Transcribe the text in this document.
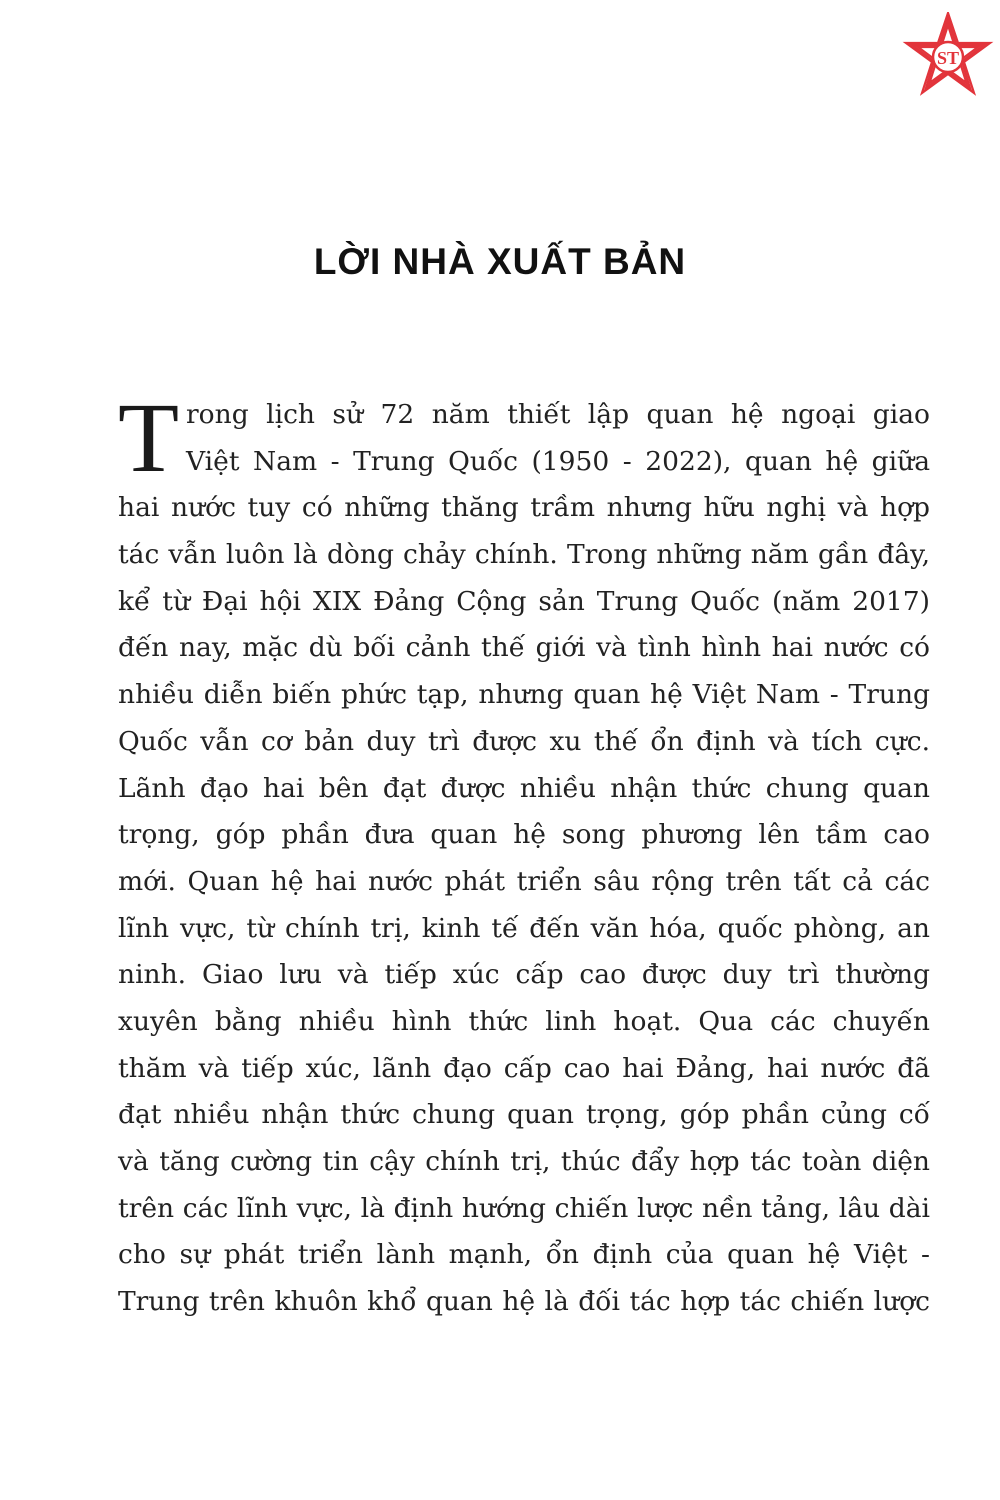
ST
LỜI NHÀ XUẤT BẢN
T rong lịch sử 72 năm thiết lập quan hệ ngoại giao
Việt Nam - Trung Quốc (1950 - 2022), quan hệ giữa
hai nước tuy có những thăng trầm nhưng hữu nghị và hợp
tác vẫn luôn là dòng chảy chính. Trong những năm gần đây,
kể từ Đại hội XIX Đảng Cộng sản Trung Quốc (năm 2017)
đến nay, mặc dù bối cảnh thế giới và tình hình hai nước có
nhiều diễn biến phức tạp, nhưng quan hệ Việt Nam - Trung
Quốc vẫn cơ bản duy trì được xu thế ổn định và tích cực.
Lãnh đạo hai bên đạt được nhiều nhận thức chung quan
trọng, góp phần đưa quan hệ song phương lên tầm cao
mới. Quan hệ hai nước phát triển sâu rộng trên tất cả các
lĩnh vực, từ chính trị, kinh tế đến văn hóa, quốc phòng, an
ninh. Giao lưu và tiếp xúc cấp cao được duy trì thường
xuyên bằng nhiều hình thức linh hoạt. Qua các chuyến
thăm và tiếp xúc, lãnh đạo cấp cao hai Đảng, hai nước đã
đạt nhiều nhận thức chung quan trọng, góp phần củng cố
và tăng cường tin cậy chính trị, thúc đẩy hợp tác toàn diện
trên các lĩnh vực, là định hướng chiến lược nền tảng, lâu dài
cho sự phát triển lành mạnh, ổn định của quan hệ Việt -
Trung trên khuôn khổ quan hệ là đối tác hợp tác chiến lược
